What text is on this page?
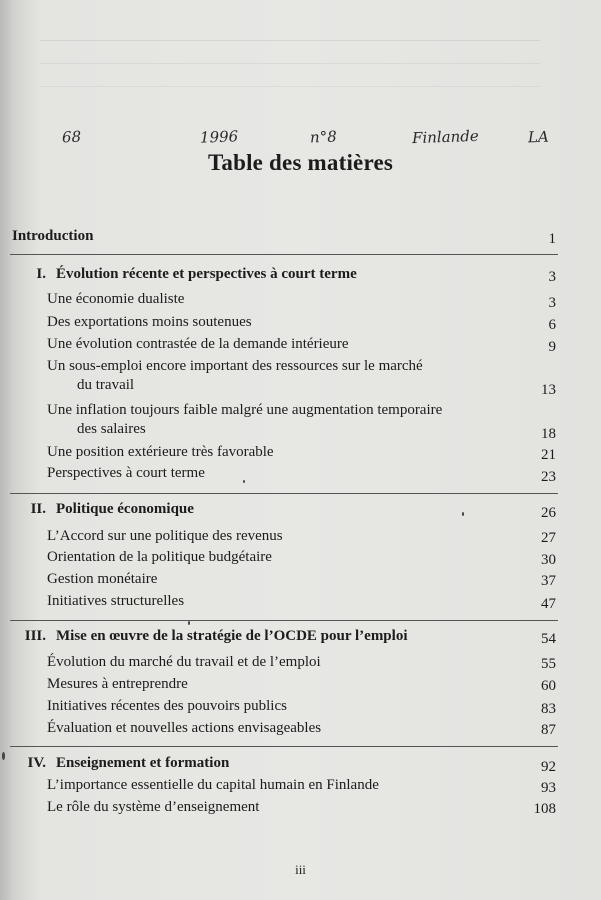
68	1996	n°8	Finlande	LA
Table des matières
Introduction	1
I. Évolution récente et perspectives à court terme	3
Une économie dualiste	3
Des exportations moins soutenues	6
Une évolution contrastée de la demande intérieure	9
Un sous-emploi encore important des ressources sur le marché
du travail	13
Une inflation toujours faible malgré une augmentation temporaire
des salaires	18
Une position extérieure très favorable	21
Perspectives à court terme	23
II. Politique économique	26
L’Accord sur une politique des revenus	27
Orientation de la politique budgétaire	30
Gestion monétaire	37
Initiatives structurelles	47
III. Mise en œuvre de la stratégie de l’OCDE pour l’emploi	54
Évolution du marché du travail et de l’emploi	55
Mesures à entreprendre	60
Initiatives récentes des pouvoirs publics	83
Évaluation et nouvelles actions envisageables	87
IV. Enseignement et formation	92
L’importance essentielle du capital humain en Finlande	93
Le rôle du système d’enseignement	108
iii
